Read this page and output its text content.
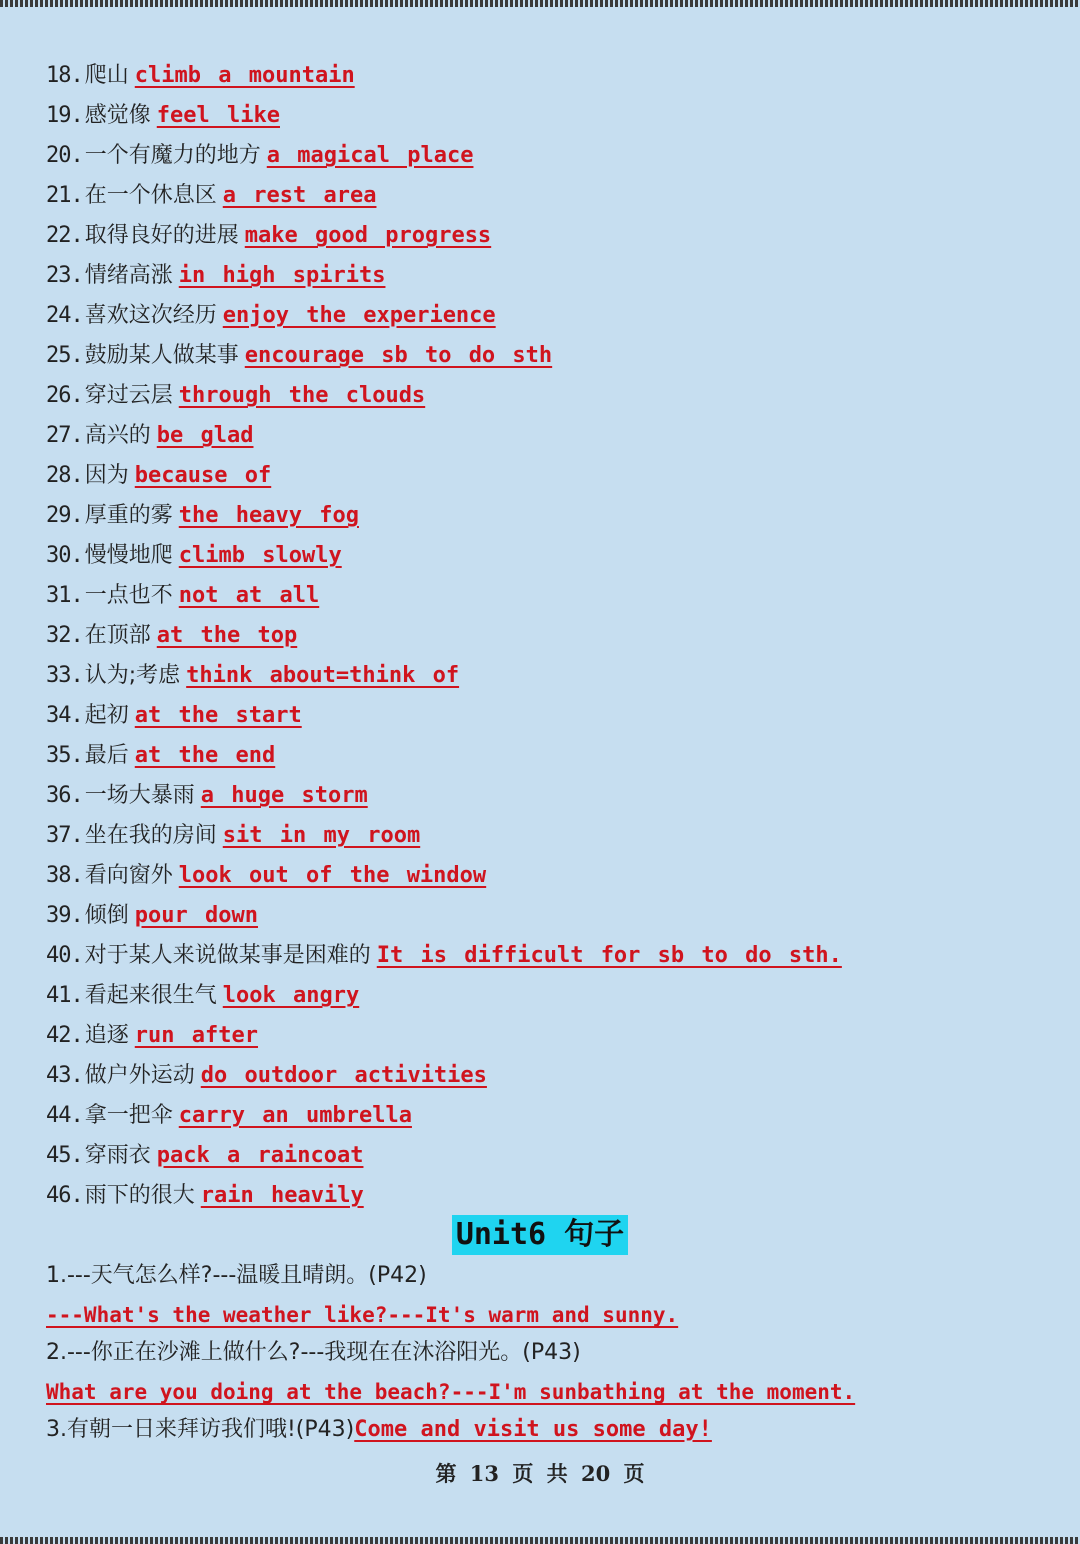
18.爬山 climb a mountain
19.感觉像 feel like
20.一个有魔力的地方 a magical place
21.在一个休息区 a rest area
22.取得良好的进展 make good progress
23.情绪高涨 in high spirits
24.喜欢这次经历 enjoy the experience
25.鼓励某人做某事 encourage sb to do sth
26.穿过云层 through the clouds
27.高兴的 be glad
28.因为 because of
29.厚重的雾 the heavy fog
30.慢慢地爬 climb slowly
31.一点也不 not at all
32.在顶部 at the top
33.认为;考虑 think about=think of
34.起初 at the start
35.最后 at the end
36.一场大暴雨 a huge storm
37.坐在我的房间 sit in my room
38.看向窗外 look out of the window
39.倾倒 pour down
40.对于某人来说做某事是困难的 It is difficult for sb to do sth.
41.看起来很生气 look angry
42.追逐 run after
43.做户外运动 do outdoor activities
44.拿一把伞 carry an umbrella
45.穿雨衣 pack a raincoat
46.雨下的很大 rain heavily
Unit6 句子
1.---天气怎么样?---温暖且晴朗。(P42)
---What's the weather like?---It's warm and sunny.
2.---你正在沙滩上做什么?---我现在在沐浴阳光。(P43)
What are you doing at the beach?---I'm sunbathing at the moment.
3.有朝一日来拜访我们哦!(P43)Come and visit us some day!
第 13 页 共 20 页
